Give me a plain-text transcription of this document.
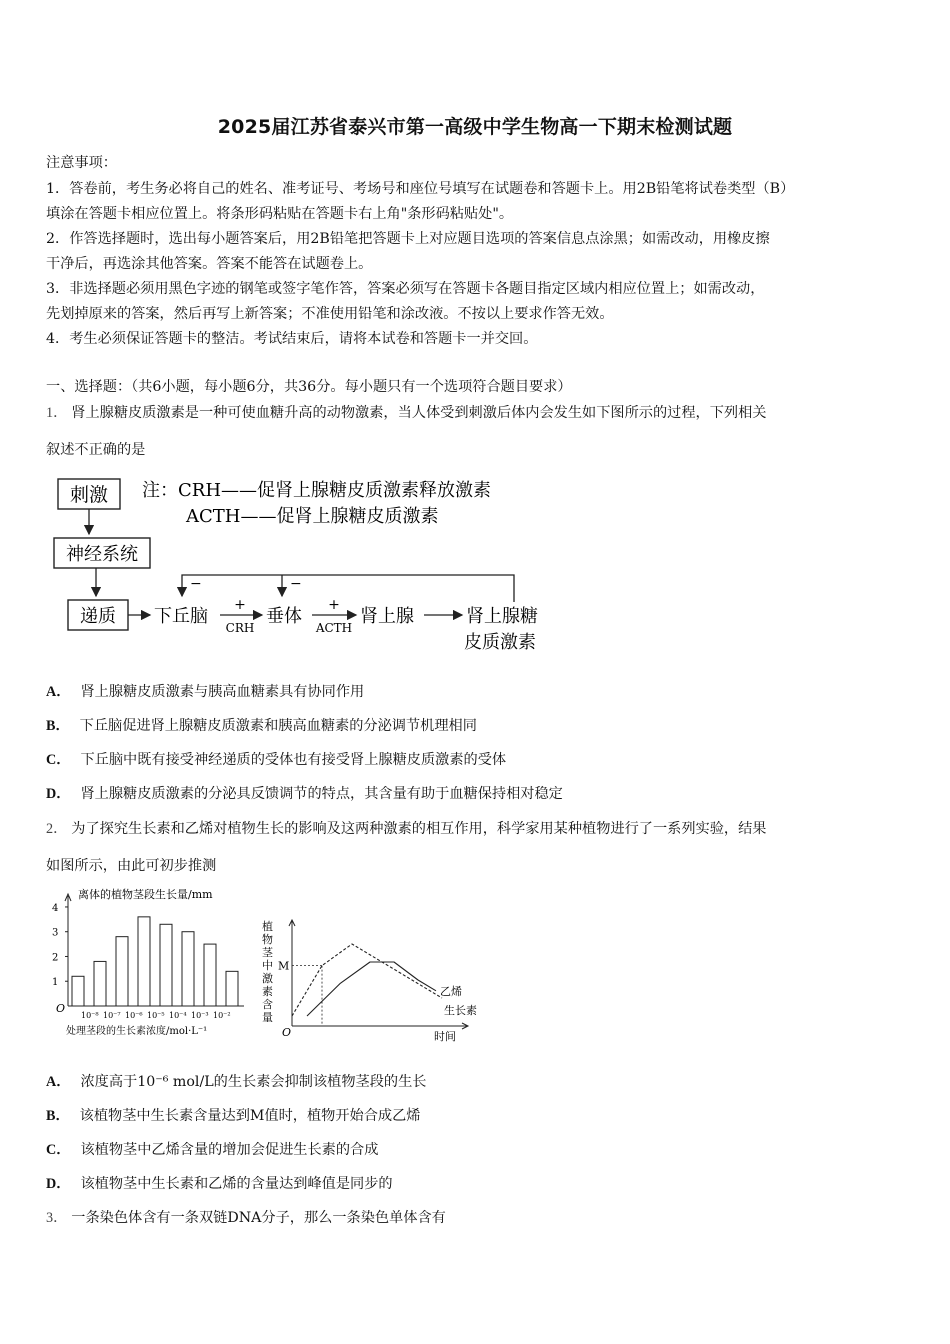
2025届江苏省泰兴市第一高级中学生物高一下期末检测试题
注意事项：
1．答卷前，考生务必将自己的姓名、准考证号、考场号和座位号填写在试题卷和答题卡上。用2B铅笔将试卷类型（B）
填涂在答题卡相应位置上。将条形码粘贴在答题卡右上角"条形码粘贴处"。
2．作答选择题时，选出每小题答案后，用2B铅笔把答题卡上对应题目选项的答案信息点涂黑；如需改动，用橡皮擦
干净后，再选涂其他答案。答案不能答在试题卷上。
3．非选择题必须用黑色字迹的钢笔或签字笔作答，答案必须写在答题卡各题目指定区域内相应位置上；如需改动，
先划掉原来的答案，然后再写上新答案；不准使用铅笔和涂改液。不按以上要求作答无效。
4．考生必须保证答题卡的整洁。考试结束后，请将本试卷和答题卡一并交回。
一、选择题：（共6小题，每小题6分，共36分。每小题只有一个选项符合题目要求）
1． 肾上腺糖皮质激素是一种可使血糖升高的动物激素，当人体受到刺激后体内会发生如下图所示的过程，下列相关
叙述不正确的是
刺激
神经系统
递质
注：CRH——促肾上腺糖皮质激素释放激素
ACTH——促肾上腺糖皮质激素
下丘脑
+
CRH
垂体
+
ACTH
肾上腺	肾上腺糖
皮质激素
−	−
A． 肾上腺糖皮质激素与胰高血糖素具有协同作用
B． 下丘脑促进肾上腺糖皮质激素和胰高血糖素的分泌调节机理相同
C． 下丘脑中既有接受神经递质的受体也有接受肾上腺糖皮质激素的受体
D． 肾上腺糖皮质激素的分泌具反馈调节的特点，其含量有助于血糖保持相对稳定
2． 为了探究生长素和乙烯对植物生长的影响及这两种激素的相互作用，科学家用某种植物进行了一系列实验，结果
如图所示，由此可初步推测
离体的植物茎段生长量/mm
O
处理茎段的生长素浓度/mol·L⁻¹
1
2
3
4
10⁻⁸ 10⁻⁷ 10⁻⁶ 10⁻⁵ 10⁻⁴ 10⁻³ 10⁻²
O	时间
植
物
茎
中
激
素
含
量
M
乙烯
生长素
A． 浓度高于10⁻⁶ mol/L的生长素会抑制该植物茎段的生长
B． 该植物茎中生长素含量达到M值时，植物开始合成乙烯
C． 该植物茎中乙烯含量的增加会促进生长素的合成
D． 该植物茎中生长素和乙烯的含量达到峰值是同步的
3． 一条染色体含有一条双链DNA分子，那么一条染色单体含有
